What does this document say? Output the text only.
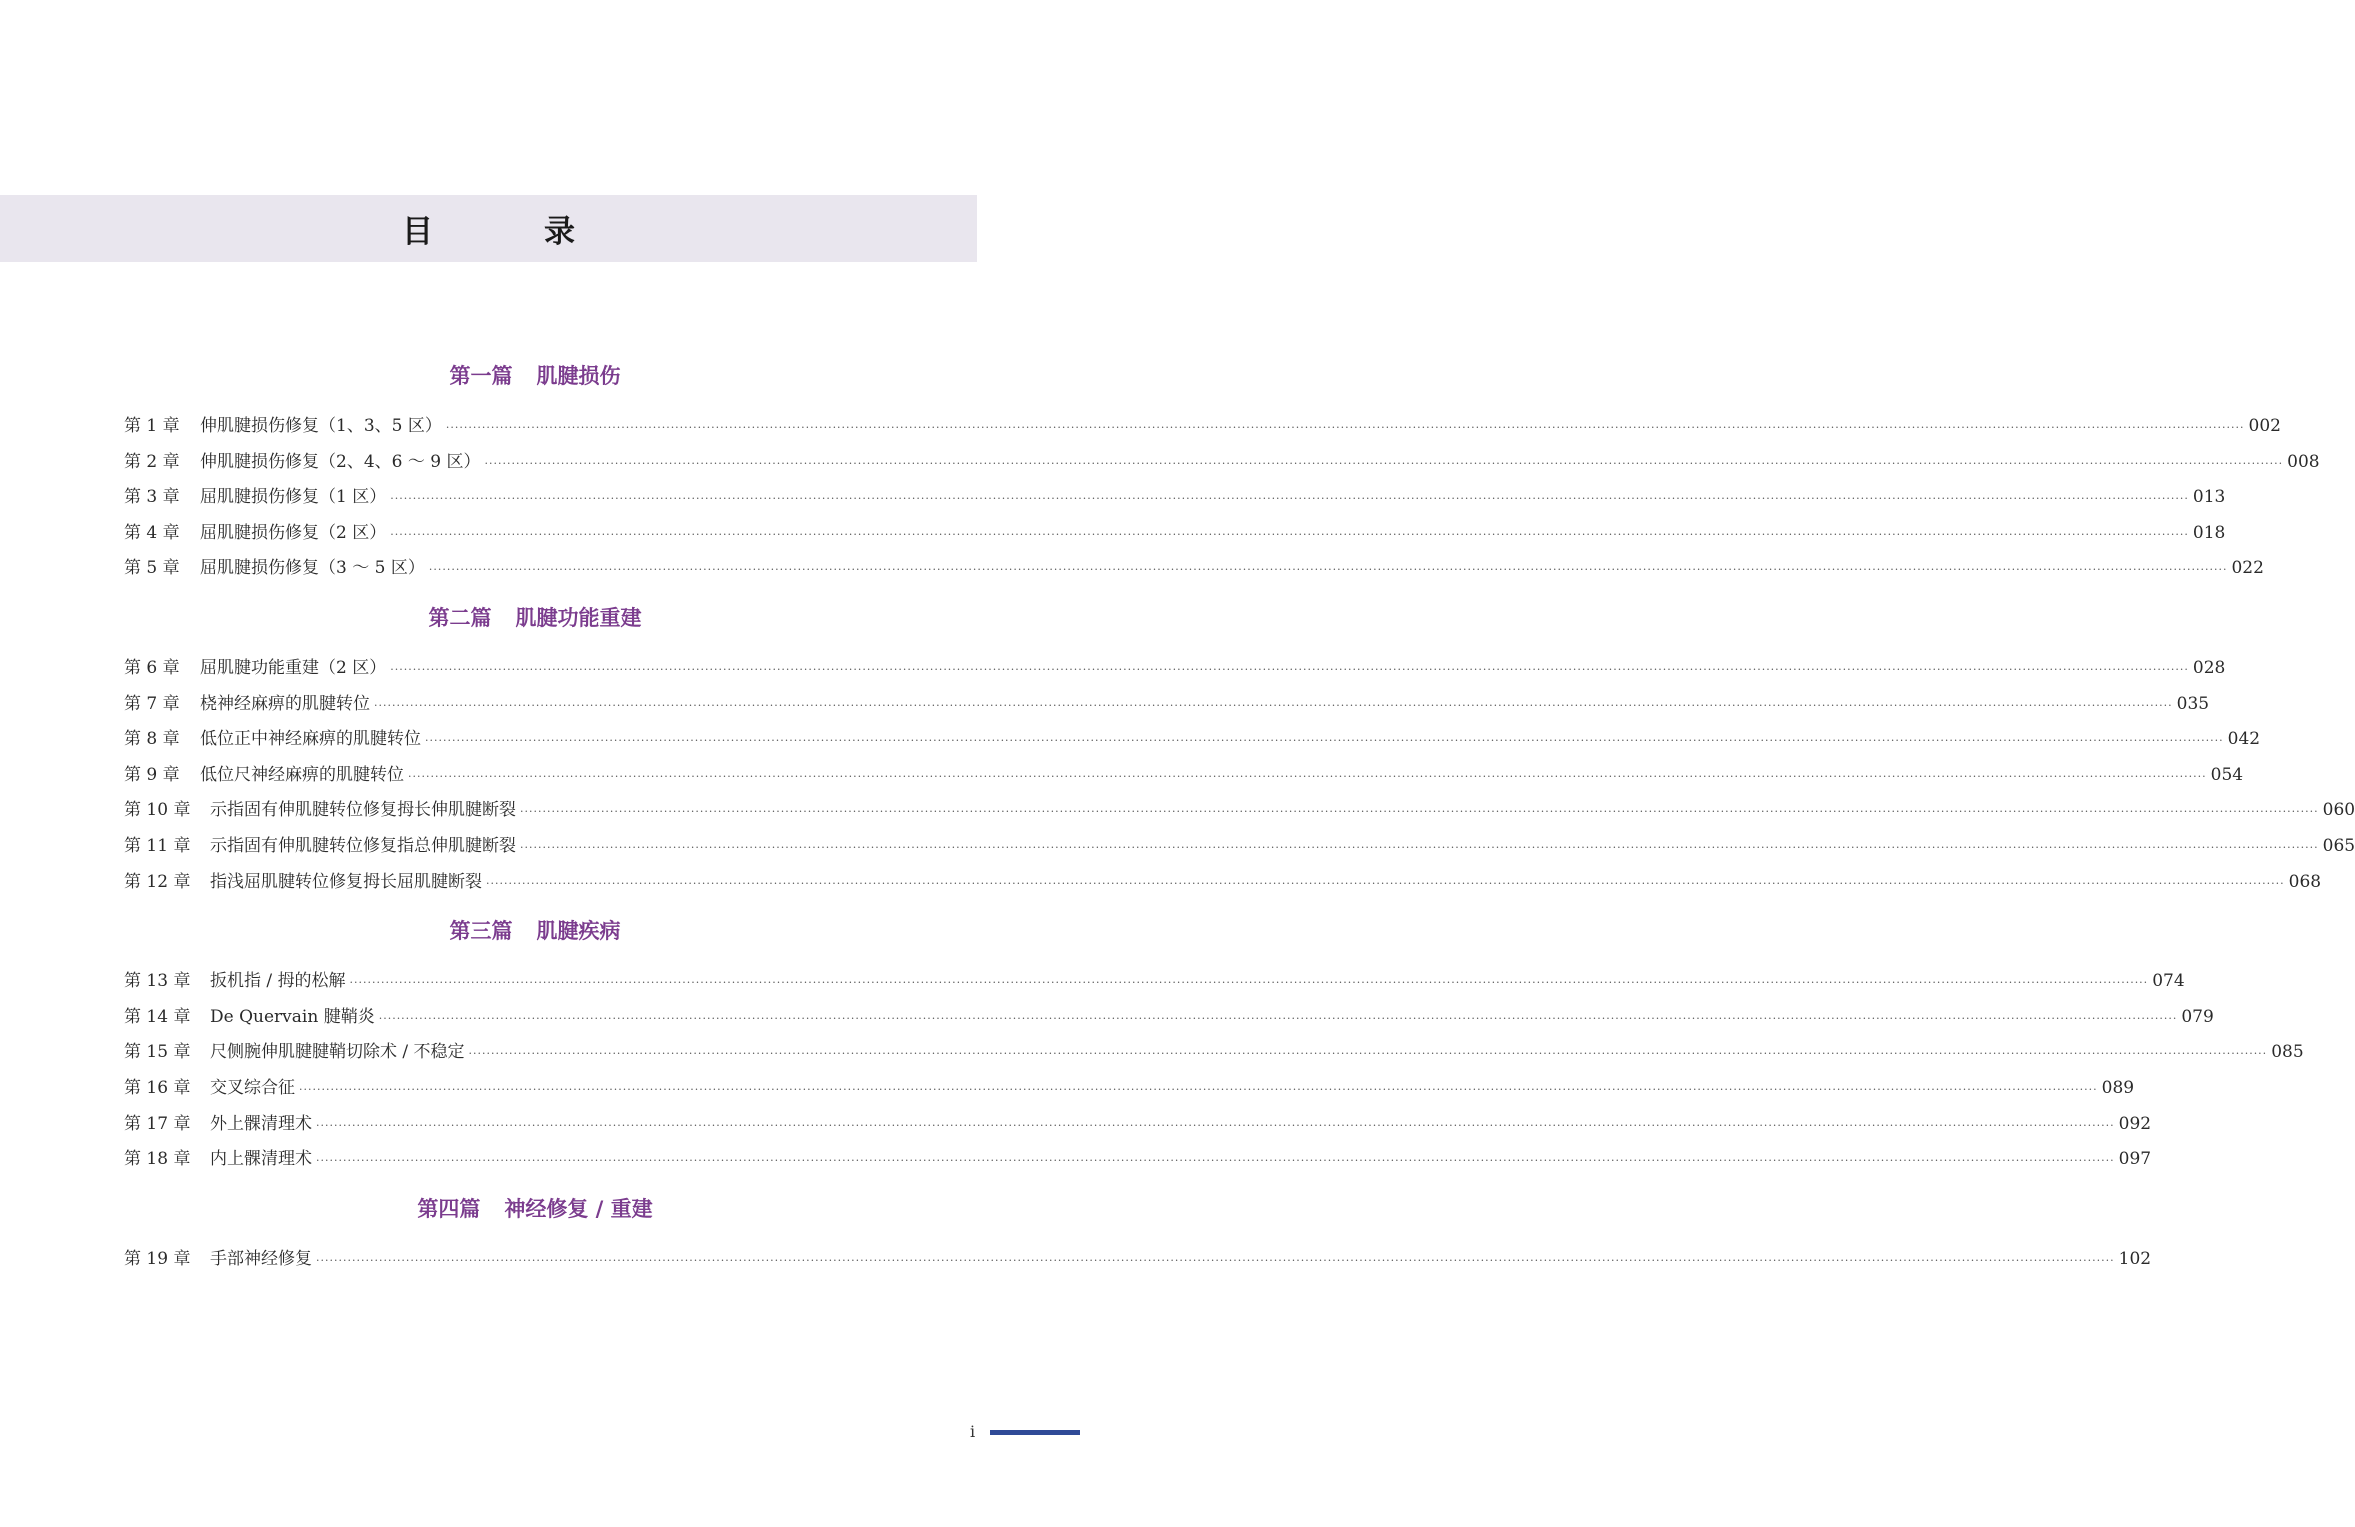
目　录
第一篇 肌腱损伤
第 1 章	伸肌腱损伤修复（1、3、5 区） ················································································································································································································································································································································································································ 002
第 2 章	伸肌腱损伤修复（2、4、6 ～ 9 区） ················································································································································································································································································································································································································ 008
第 3 章	屈肌腱损伤修复（1 区） ················································································································································································································································································································································································································ 013
第 4 章	屈肌腱损伤修复（2 区） ················································································································································································································································································································································································································ 018
第 5 章	屈肌腱损伤修复（3 ～ 5 区） ················································································································································································································································································································································································································ 022
第二篇 肌腱功能重建
第 6 章	屈肌腱功能重建（2 区） ················································································································································································································································································································································································································ 028
第 7 章	桡神经麻痹的肌腱转位 ················································································································································································································································································································································································································ 035
第 8 章	低位正中神经麻痹的肌腱转位 ················································································································································································································································································································································································································ 042
第 9 章	低位尺神经麻痹的肌腱转位 ················································································································································································································································································································································································································ 054
第 10 章	示指固有伸肌腱转位修复拇长伸肌腱断裂 ················································································································································································································································································································································································································ 060
第 11 章	示指固有伸肌腱转位修复指总伸肌腱断裂 ················································································································································································································································································································································································································ 065
第 12 章	指浅屈肌腱转位修复拇长屈肌腱断裂 ················································································································································································································································································································································································································ 068
第三篇 肌腱疾病
第 13 章	扳机指 / 拇的松解 ················································································································································································································································································································································································································ 074
第 14 章	De Quervain 腱鞘炎 ················································································································································································································································································································································································································ 079
第 15 章	尺侧腕伸肌腱腱鞘切除术 / 不稳定 ················································································································································································································································································································································································································ 085
第 16 章	交叉综合征 ················································································································································································································································································································································································································ 089
第 17 章	外上髁清理术 ················································································································································································································································································································································································································ 092
第 18 章	内上髁清理术 ················································································································································································································································································································································································································ 097
第四篇 神经修复 / 重建
第 19 章	手部神经修复 ················································································································································································································································································································································································································ 102
i
